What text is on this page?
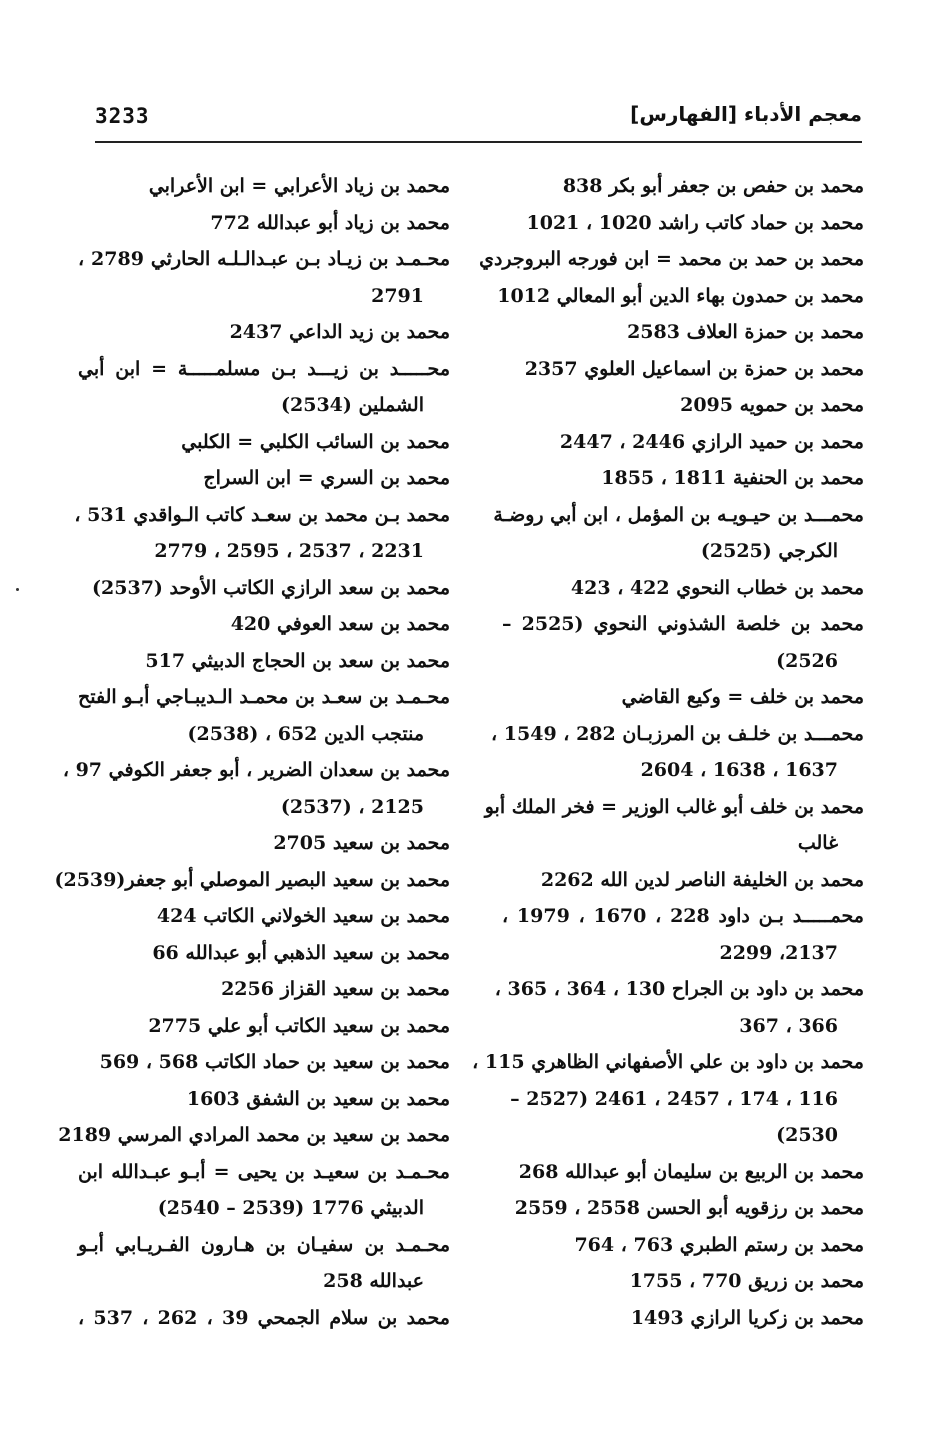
3233	معجم الأدباء [الفهارس]
محمد بن حفص بن جعفر أبو بكر 838
محمد بن حماد كاتب راشد 1020 ، 1021
محمد بن حمد بن محمد = ابن فورجه البروجردي
محمد بن حمدون بهاء الدين أبو المعالي 1012
محمد بن حمزة العلاف 2583
محمد بن حمزة بن اسماعيل العلوي 2357
محمد بن حمويه 2095
محمد بن حميد الرازي 2446 ، 2447
محمد بن الحنفية 1811 ، 1855
محمـــد بن حيـويـه بن المؤمل ، ابن أبي روضـة
الكرجي (2525)
محمد بن خطاب النحوي 422 ، 423
محمد بن خلصة الشذوني النحوي (2525 –
2526)
محمد بن خلف = وكيع القاضي
محمـــد بن خلـف بن المرزبـان 282 ، 1549 ،
1637 ، 1638 ، 2604
محمد بن خلف أبو غالب الوزير = فخر الملك أبو
غالب
محمد بن الخليفة الناصر لدين الله 2262
محمـــــد بـن داود 228 ، 1670 ، 1979 ،
2137، 2299
محمد بن داود بن الجراح 130 ، 364 ، 365 ،
366 ، 367
محمد بن داود بن علي الأصفهاني الظاهري 115 ،
116 ، 174 ، 2457 ، 2461 (2527 –
2530)
محمد بن الربيع بن سليمان أبو عبدالله 268
محمد بن رزقويه أبو الحسن 2558 ، 2559
محمد بن رستم الطبري 763 ، 764
محمد بن زريق 770 ، 1755
محمد بن زكريا الرازي 1493
محمد بن زياد الأعرابي = ابن الأعرابي
محمد بن زياد أبو عبدالله 772
محـمـد بن زيـاد بـن عبـدالـلـه الحارثي 2789 ،
2791
محمد بن زيد الداعي 2437
محـــــد بن زيـــد بـن مسلمـــــة = ابن أبي
الشملين (2534)
محمد بن السائب الكلبي = الكلبي
محمد بن السري = ابن السراج
محمد بـن محمد بن سعـد كاتب الـواقدي 531 ،
2231 ، 2537 ، 2595 ، 2779
محمد بن سعد الرازي الكاتب الأوحد (2537)
محمد بن سعد العوفي 420
محمد بن سعد بن الحجاج الدبيثي 517
محـمـد بن سعـد بن محمـد الـديبـاجي أبـو الفتح
منتجب الدين 652 ، (2538)
محمد بن سعدان الضرير ، أبو جعفر الكوفي 97 ،
2125 ، (2537)
محمد بن سعيد 2705
محمد بن سعيد البصير الموصلي أبو جعفر(2539)
محمد بن سعيد الخولاني الكاتب 424
محمد بن سعيد الذهبي أبو عبدالله 66
محمد بن سعيد القزاز 2256
محمد بن سعيد الكاتب أبو علي 2775
محمد بن سعيد بن حماد الكاتب 568 ، 569
محمد بن سعيد بن الشفق 1603
محمد بن سعيد بن محمد المرادي المرسي 2189
محـمـد بن سعيـد بن يحيى = أبـو عبـدالله ابن
الدبيثي 1776 (2539 – 2540)
محـمـد بن سفيـان بن هـارون الفـريـابي أبـو
عبدالله 258
محمد بن سلام الجمحي 39 ، 262 ، 537 ،
